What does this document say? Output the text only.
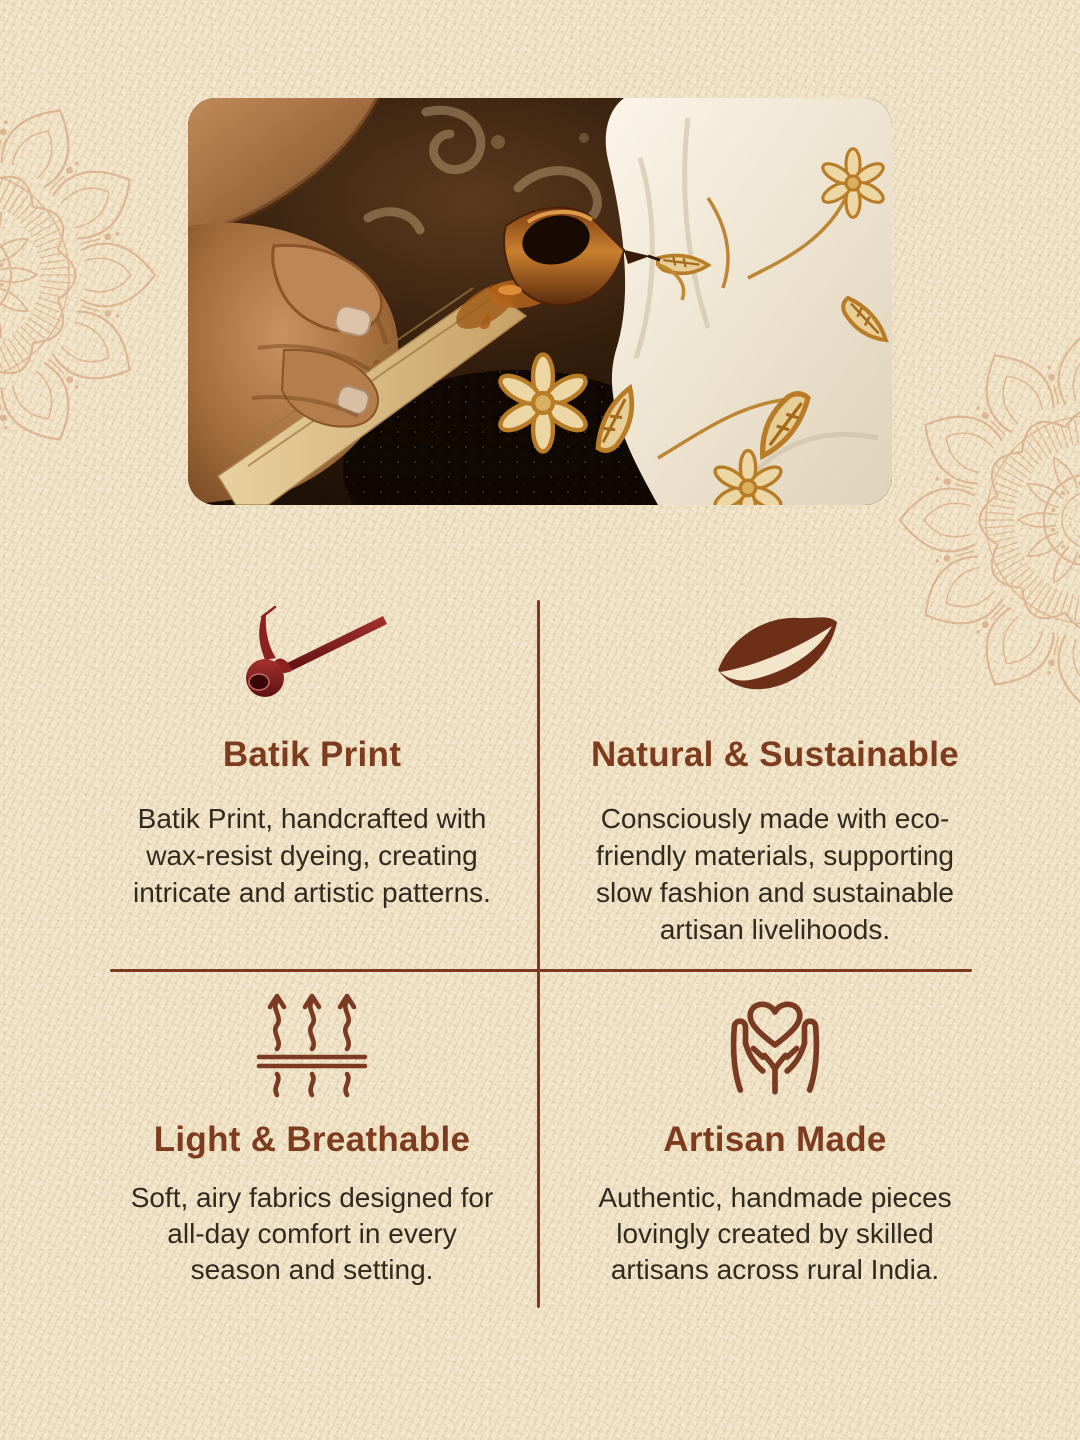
Batik Print

Batik Print, handcrafted with
wax-resist dyeing, creating
intricate and artistic patterns.

Natural & Sustainable

Consciously made with eco-
friendly materials, supporting
slow fashion and sustainable
artisan livelihoods.

Light & Breathable

Soft, airy fabrics designed for
all-day comfort in every
season and setting.

Artisan Made

Authentic, handmade pieces
lovingly created by skilled
artisans across rural India.
